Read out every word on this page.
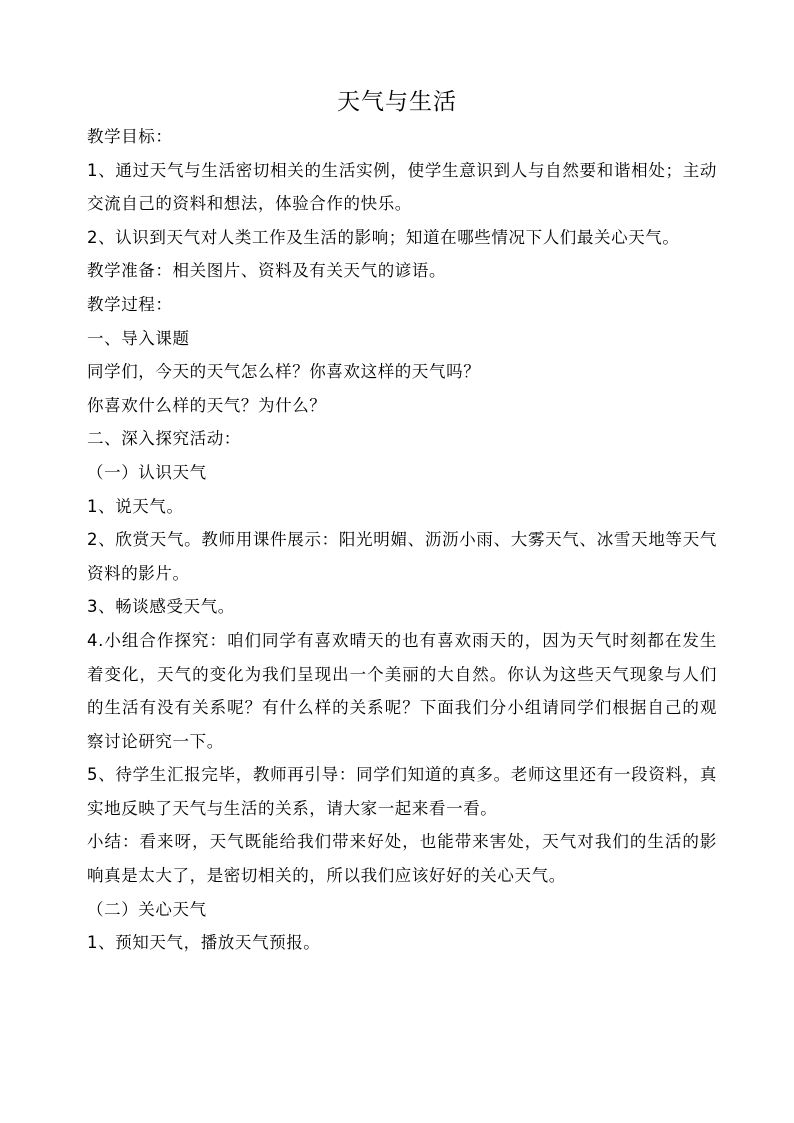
天气与生活

教学目标：

1、通过天气与生活密切相关的生活实例，使学生意识到人与自然要和谐相处；主动交流自己的资料和想法，体验合作的快乐。

2、认识到天气对人类工作及生活的影响；知道在哪些情况下人们最关心天气。

教学准备：相关图片、资料及有关天气的谚语。

教学过程：

一、导入课题

同学们，今天的天气怎么样？你喜欢这样的天气吗？

你喜欢什么样的天气？为什么？

二、深入探究活动：

（一）认识天气

1、说天气。

2、欣赏天气。教师用课件展示：阳光明媚、沥沥小雨、大雾天气、冰雪天地等天气资料的影片。

3、畅谈感受天气。

4.小组合作探究：咱们同学有喜欢晴天的也有喜欢雨天的，因为天气时刻都在发生着变化，天气的变化为我们呈现出一个美丽的大自然。你认为这些天气现象与人们的生活有没有关系呢？有什么样的关系呢？下面我们分小组请同学们根据自己的观察讨论研究一下。

5、待学生汇报完毕，教师再引导：同学们知道的真多。老师这里还有一段资料，真实地反映了天气与生活的关系，请大家一起来看一看。

小结：看来呀，天气既能给我们带来好处，也能带来害处，天气对我们的生活的影响真是太大了，是密切相关的，所以我们应该好好的关心天气。

（二）关心天气

1、预知天气，播放天气预报。
